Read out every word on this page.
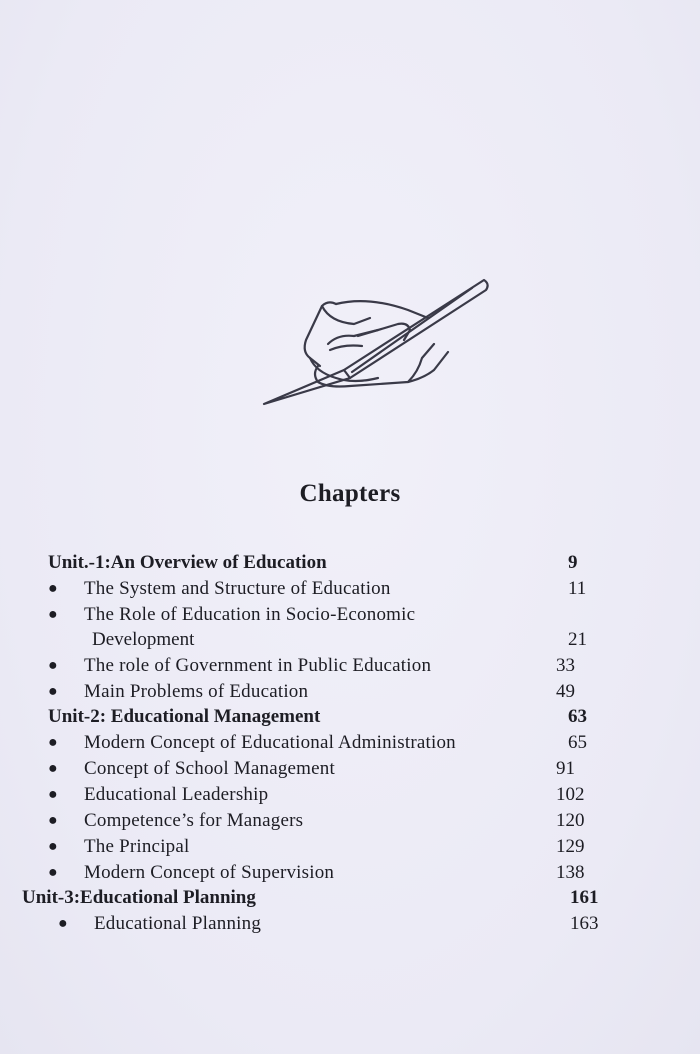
Chapters
Unit.-1:An Overview of Education	9
● The System and Structure of Education	11
● The Role of Education in Socio-Economic
Development	21
● The role of Government in Public Education	33
● Main Problems of Education	49
Unit-2: Educational Management	63
● Modern Concept of Educational Administration	65
● Concept of School Management	91
● Educational Leadership	102
● Competence’s for Managers	120
● The Principal	129
● Modern Concept of Supervision	138
Unit-3:Educational Planning	161
● Educational Planning	163
